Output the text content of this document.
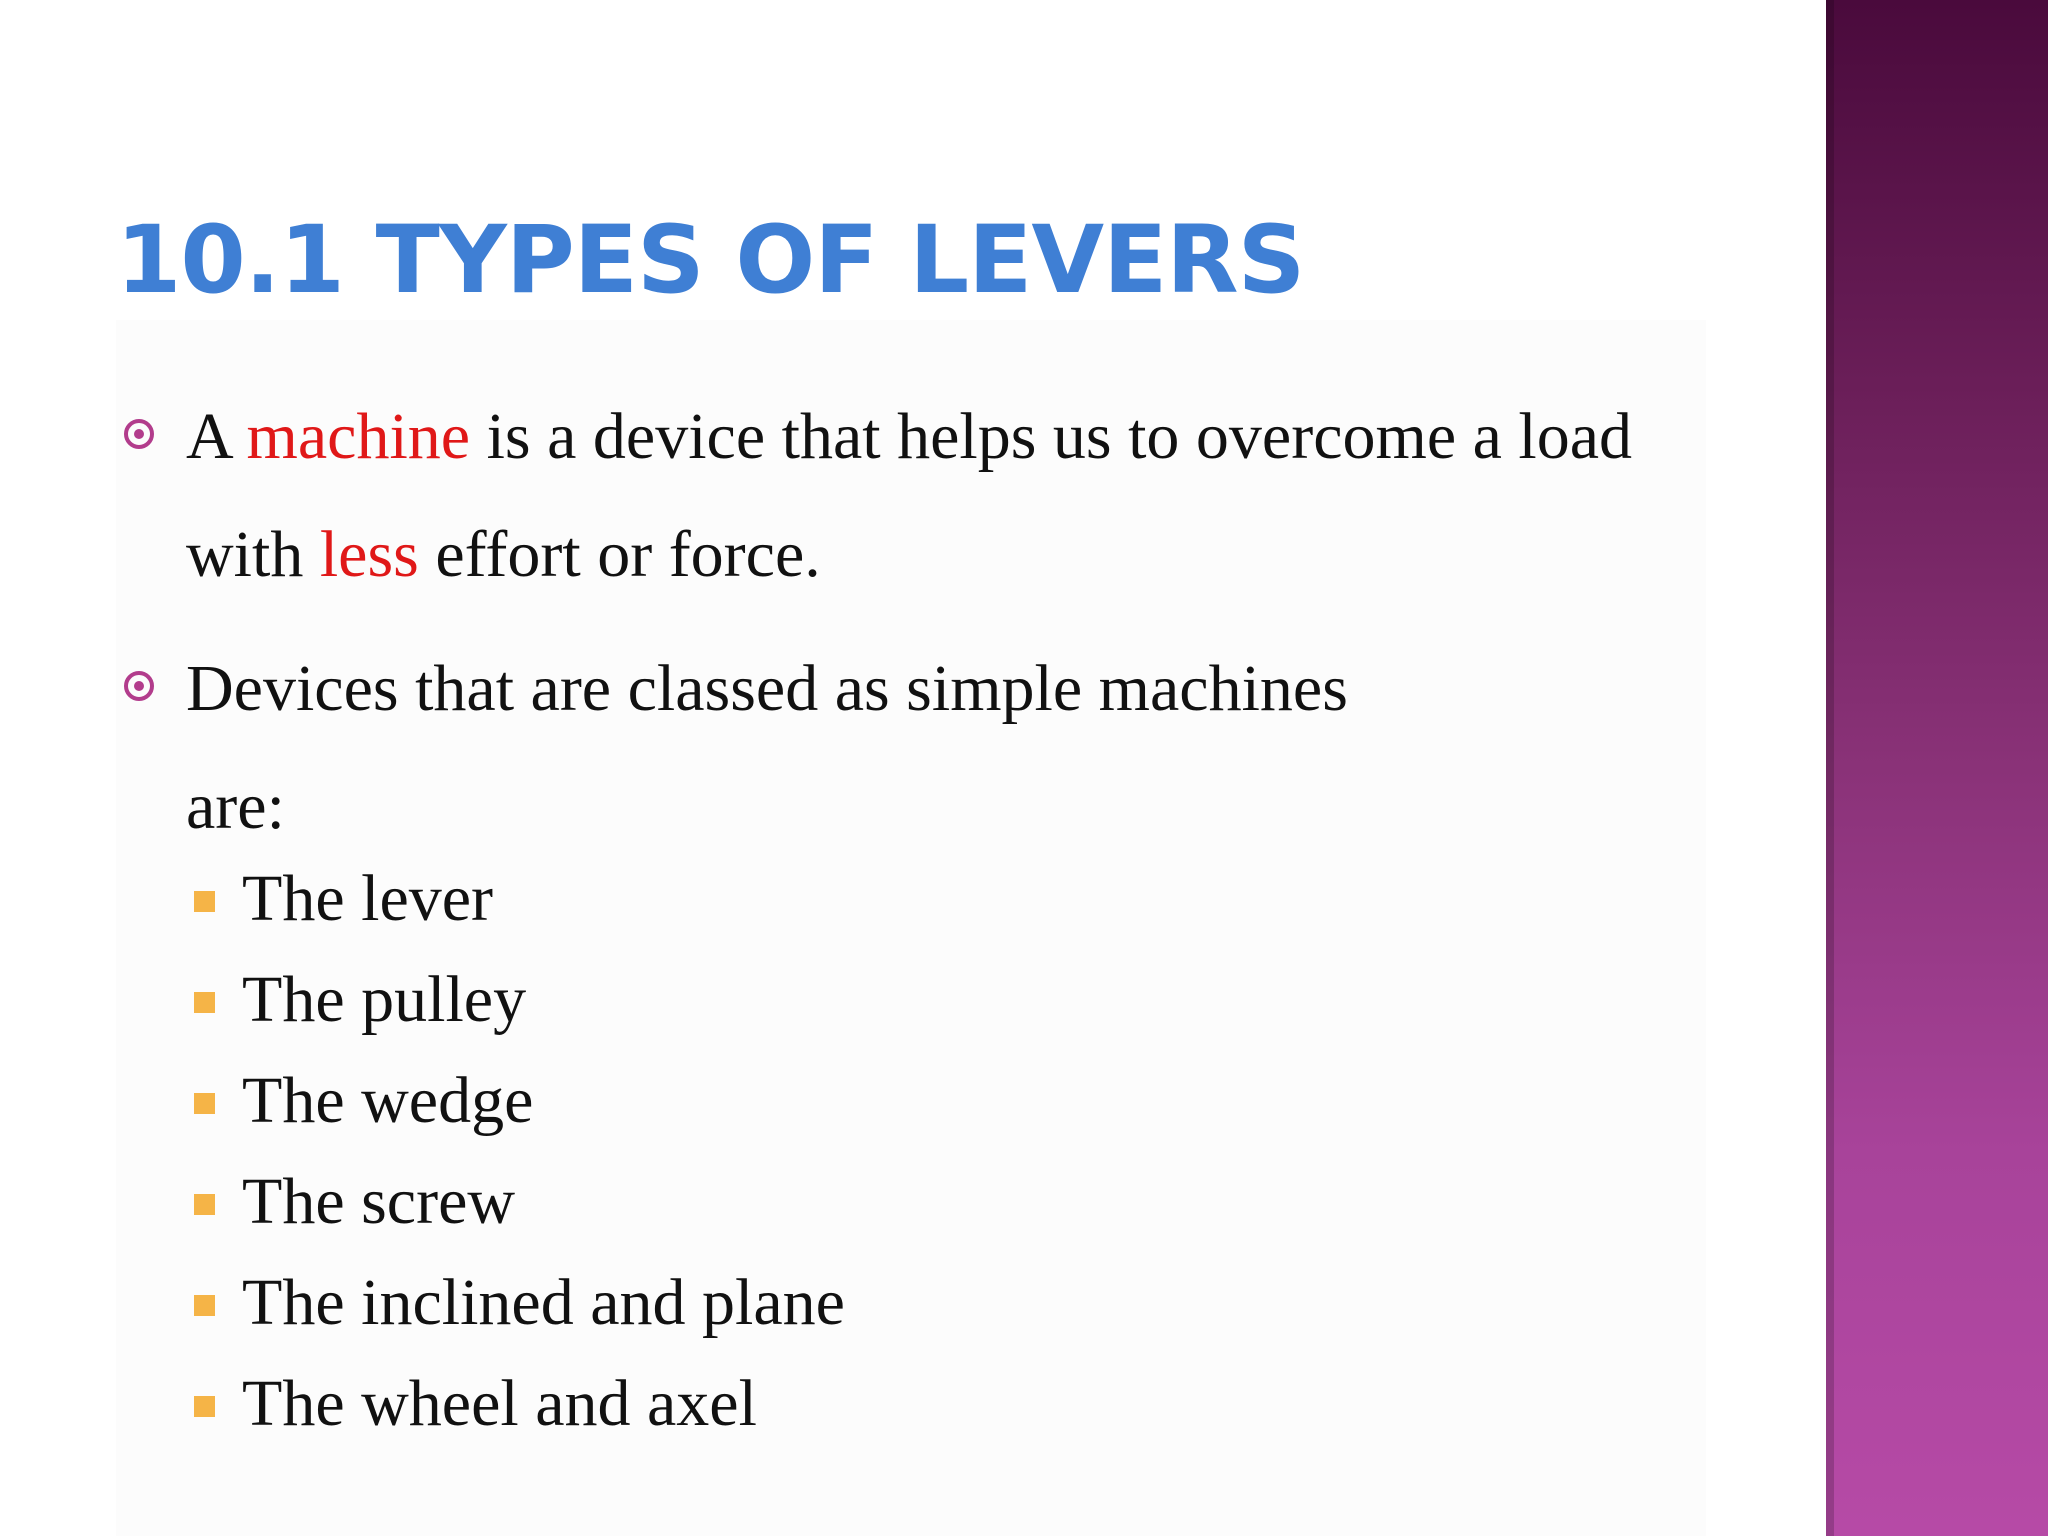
10.1 TYPES OF LEVERS
A machine is a device that helps us to overcome a load with less effort or force.
Devices that are classed as simple machines are:
The lever
The pulley
The wedge
The screw
The inclined and plane
The wheel and axel
